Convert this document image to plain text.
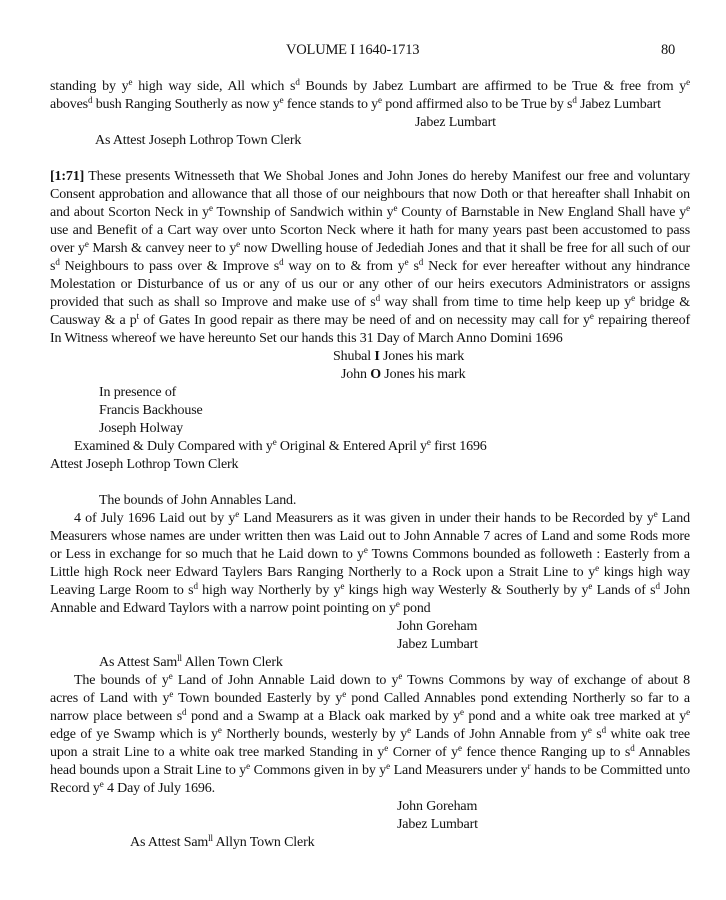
VOLUME I 1640-1713	80
standing by $y^e$ high way side, All which $s^d$ Bounds by Jabez Lumbart are affirmed to be True & free from $y^e$
aboves$^d$ bush Ranging Southerly as now $y^e$ fence stands to $y^e$ pond affirmed also to be True by $s^d$ Jabez Lumbart
Jabez Lumbart
As Attest Joseph Lothrop Town Clerk
[1:71] These presents Witnesseth that We Shobal Jones and John Jones do hereby Manifest our free and voluntary
Consent approbation and allowance that all those of our neighbours that now Doth or that hereafter shall Inhabit on
and about Scorton Neck in $y^e$ Township of Sandwich within $y^e$ County of Barnstable in New England Shall have $y^e$
use and Benefit of a Cart way over unto Scorton Neck where it hath for many years past been accustomed to pass
over $y^e$ Marsh & canvey neer to $y^e$ now Dwelling house of Jedediah Jones and that it shall be free for all such of our
$s^d$ Neighbours to pass over & Improve $s^d$ way on to & from $y^e$ $s^d$ Neck for ever hereafter without any hindrance
Molestation or Disturbance of us or any of us our or any other of our heirs executors Administrators or assigns
provided that such as shall so Improve and make use of $s^d$ way shall from time to time help keep up $y^e$ bridge &
Causway & a $p^t$ of Gates In good repair as there may be need of and on necessity may call for $y^e$ repairing thereof
In Witness whereof we have hereunto Set our hands this 31 Day of March Anno Domini 1696
Shubal I Jones his mark
John O Jones his mark
In presence of
Francis Backhouse
Joseph Holway
Examined & Duly Compared with $y^e$ Original & Entered April $y^e$ first 1696
Attest Joseph Lothrop Town Clerk
The bounds of John Annables Land.
4 of July 1696 Laid out by $y^e$ Land Measurers as it was given in under their hands to be Recorded by $y^e$ Land
Measurers whose names are under written then was Laid out to John Annable 7 acres of Land and some Rods more
or Less in exchange for so much that he Laid down to $y^e$ Towns Commons bounded as followeth : Easterly from a
Little high Rock neer Edward Taylers Bars Ranging Northerly to a Rock upon a Strait Line to $y^e$ kings high way
Leaving Large Room to $s^d$ high way Northerly by $y^e$ kings high way Westerly & Southerly by $y^e$ Lands of $s^d$ John
Annable and Edward Taylors with a narrow point pointing on $y^e$ pond
John Goreham
Jabez Lumbart
As Attest Sam$^{ll}$ Allen Town Clerk
The bounds of $y^e$ Land of John Annable Laid down to $y^e$ Towns Commons by way of exchange of about 8
acres of Land with $y^e$ Town bounded Easterly by $y^e$ pond Called Annables pond extending Northerly so far to a
narrow place between $s^d$ pond and a Swamp at a Black oak marked by $y^e$ pond and a white oak tree marked at $y^e$
edge of ye Swamp which is $y^e$ Northerly bounds, westerly by $y^e$ Lands of John Annable from $y^e$ $s^d$ white oak tree
upon a strait Line to a white oak tree marked Standing in $y^e$ Corner of $y^e$ fence thence Ranging up to $s^d$ Annables
head bounds upon a Strait Line to $y^e$ Commons given in by $y^e$ Land Measurers under $y^r$ hands to be Committed unto
Record $y^e$ 4 Day of July 1696.
John Goreham
Jabez Lumbart
As Attest Sam$^{ll}$ Allyn Town Clerk
